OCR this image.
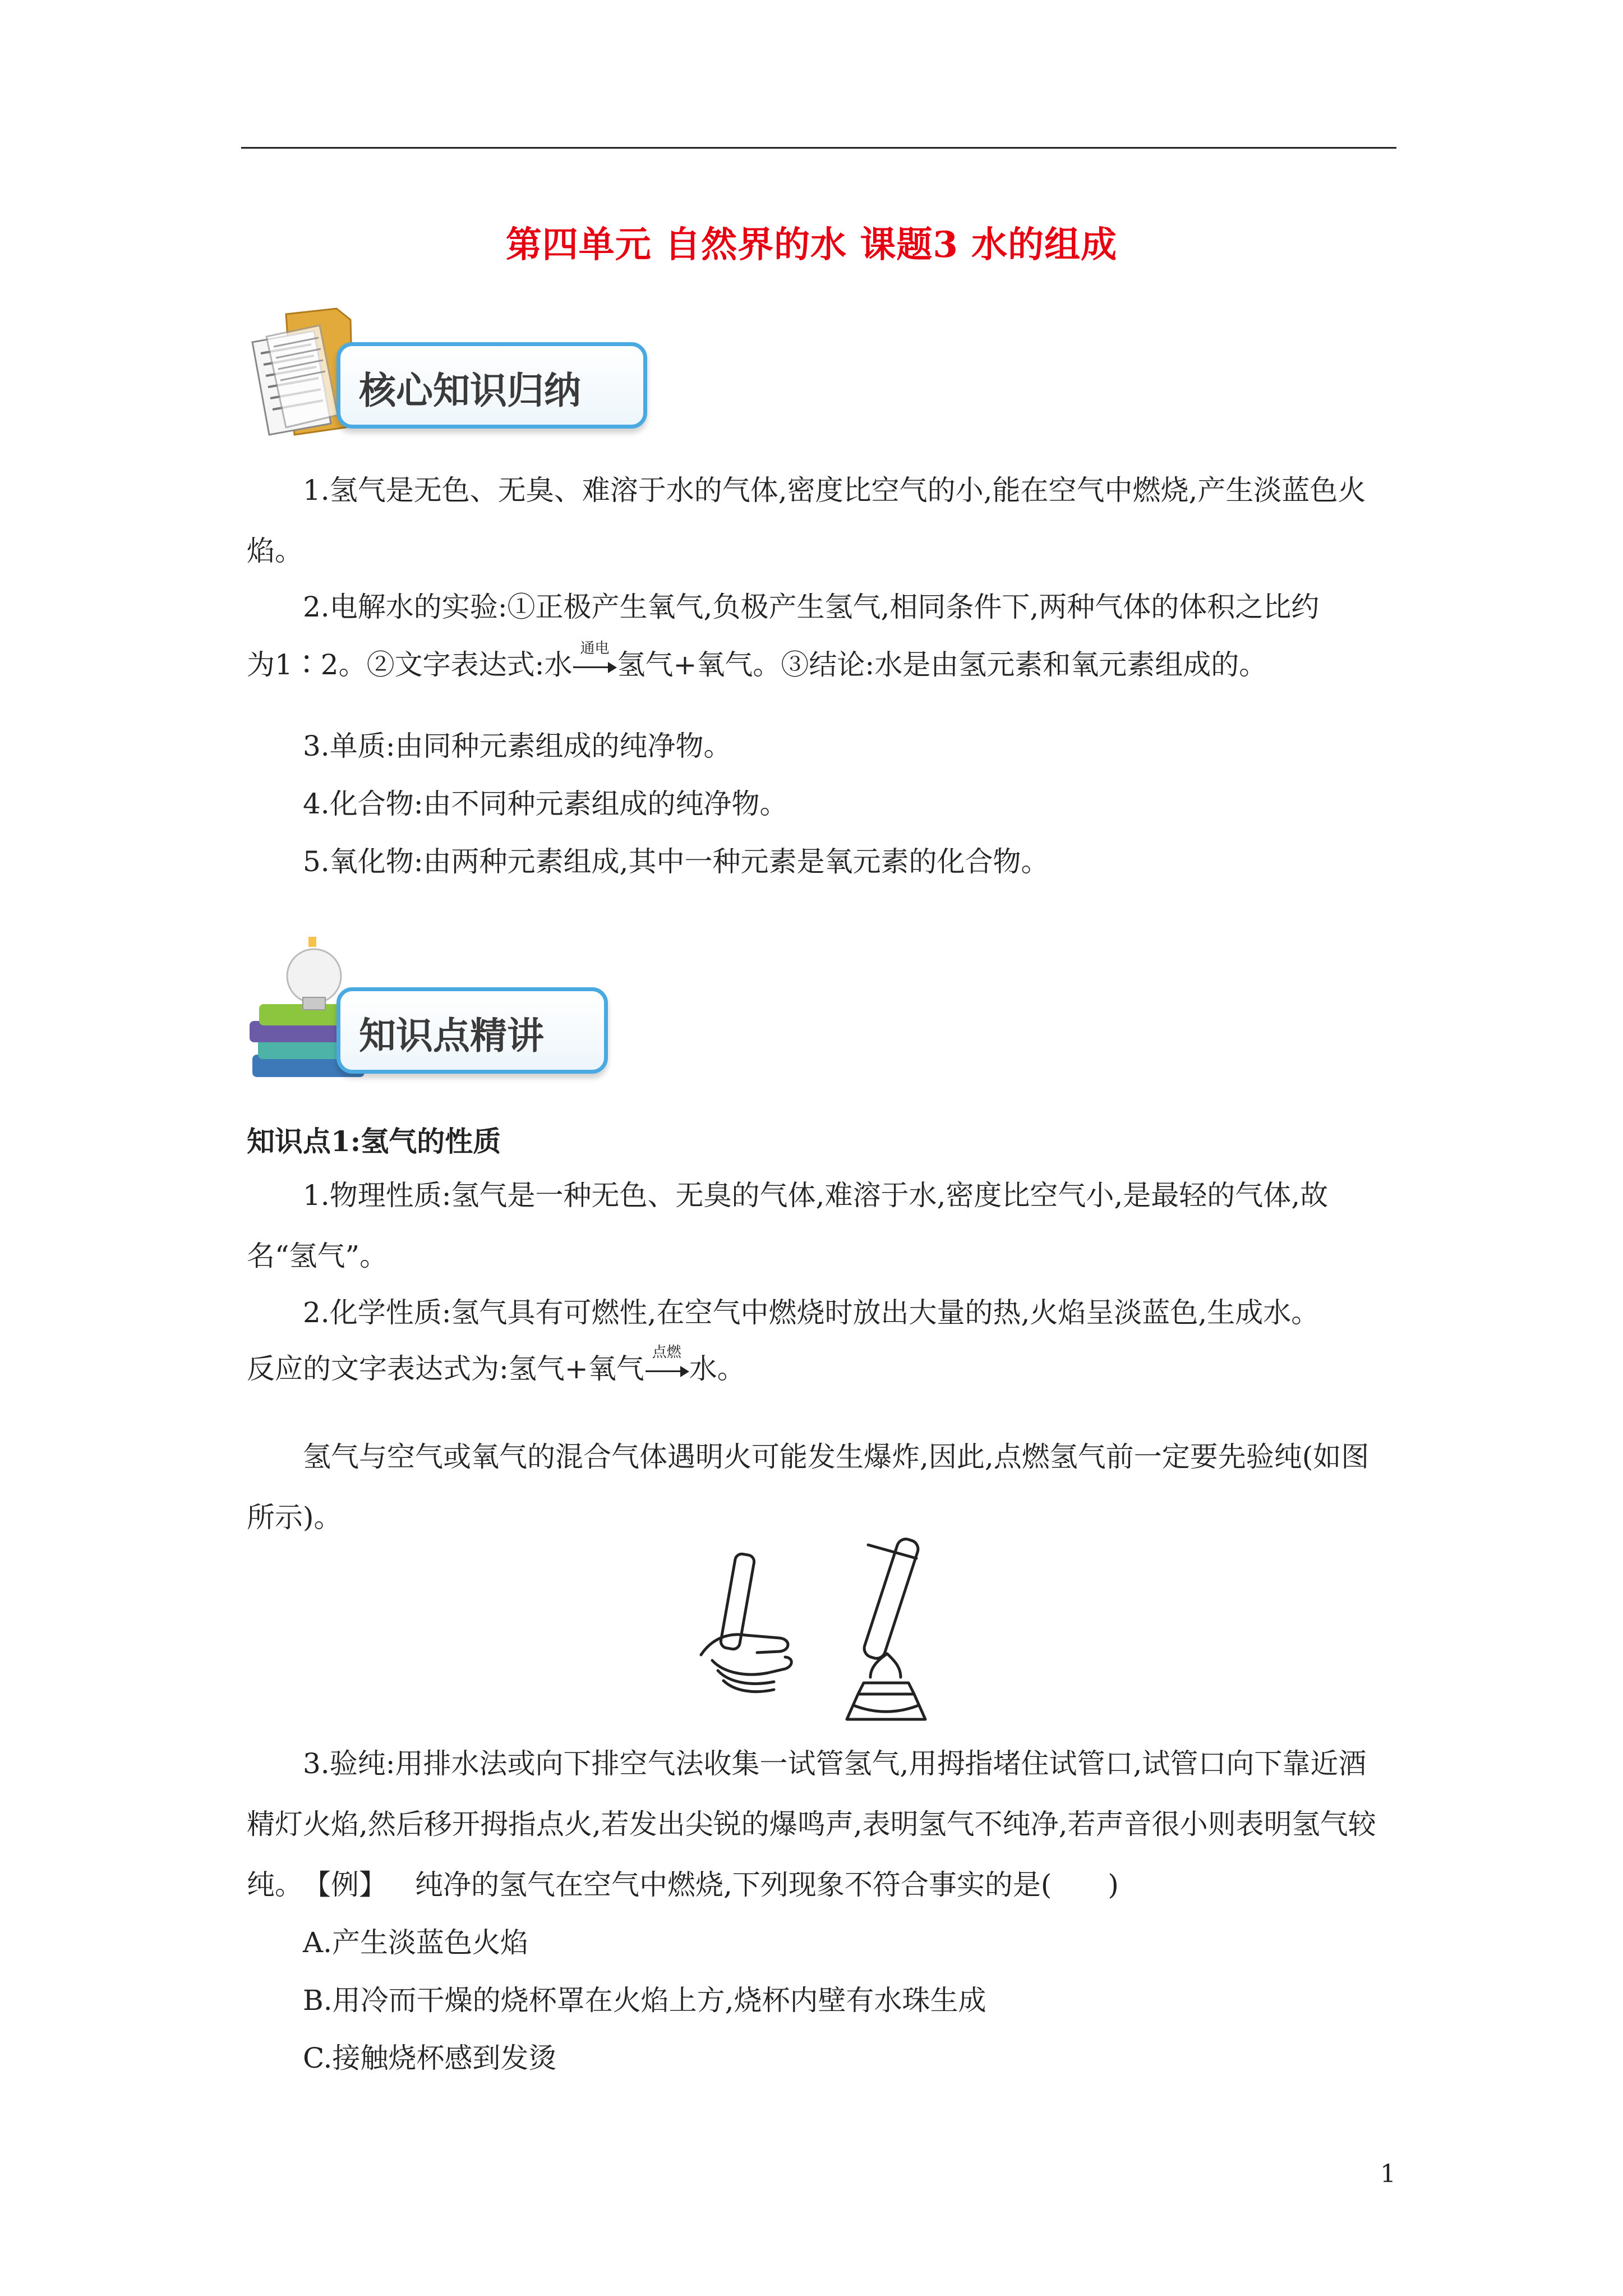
第四单元 自然界的水 课题3 水的组成
核心知识归纳

1.氢气是无色、无臭、难溶于水的气体,密度比空气的小,能在空气中燃烧,产生淡蓝色火焰。

2.电解水的实验:①正极产生氧气,负极产生氢气,相同条件下,两种气体的体积之比约

为1∶2。②文字表达式:水 通电 氢气+氧气。③结论:水是由氢元素和氧元素组成的。

3.单质:由同种元素组成的纯净物。

4.化合物:由不同种元素组成的纯净物。

5.氧化物:由两种元素组成,其中一种元素是氧元素的化合物。

知识点精讲

知识点1:氢气的性质

1.物理性质:氢气是一种无色、无臭的气体,难溶于水,密度比空气小,是最轻的气体,故名“氢气”。

2.化学性质:氢气具有可燃性,在空气中燃烧时放出大量的热,火焰呈淡蓝色,生成水。

反应的文字表达式为:氢气+氧气 点燃 水。

氢气与空气或氧气的混合气体遇明火可能发生爆炸,因此,点燃氢气前一定要先验纯(如图所示)。

3.验纯:用排水法或向下排空气法收集一试管氢气,用拇指堵住试管口,试管口向下靠近酒精灯火焰,然后移开拇指点火,若发出尖锐的爆鸣声,表明氢气不纯净,若声音很小则表明氢气较纯。 【例】 纯净的氢气在空气中燃烧,下列现象不符合事实的是(　　)

A.产生淡蓝色火焰

B.用冷而干燥的烧杯罩在火焰上方,烧杯内壁有水珠生成

C.接触烧杯感到发烫

1
